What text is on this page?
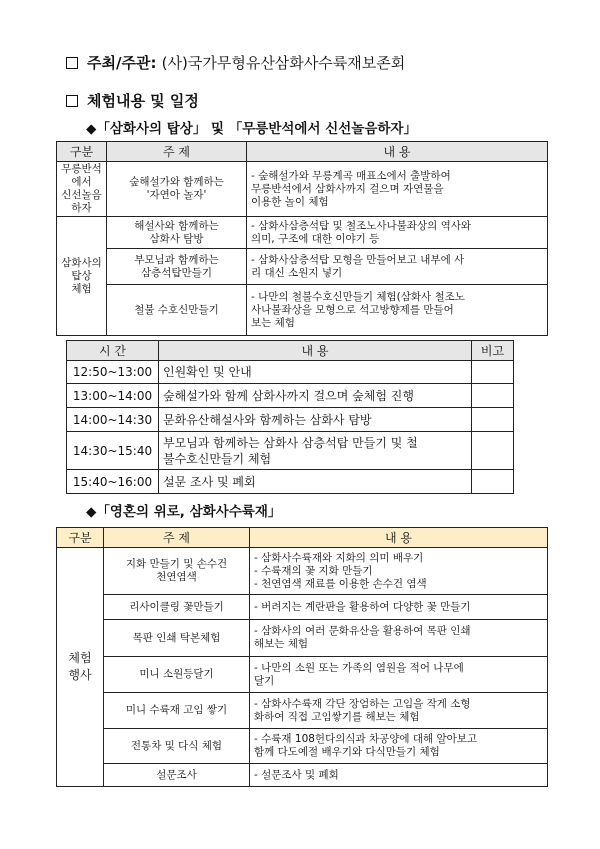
주최/주관: (사)국가무형유산삼화사수륙재보존회
체험내용 및 일정
◆「삼화사의 탑상」 및 「무릉반석에서 신선놀음하자」
구분	주 제	내 용
무릉반석
에서
신선놀음
하자	숲해설가와 함께하는
'자연아 놀자'	- 숲해설가와 무릉계곡 매표소에서 출발하여
무릉반석에서 삼화사까지 걸으며 자연물을
이용한 놀이 체험
삼화사의
탑상
체험	해설사와 함께하는
삼화사 탐방	- 삼화사삼층석탑 및 철조노사나불좌상의 역사와
의미, 구조에 대한 이야기 등
	부모님과 함께하는
삼층석탑만들기	- 삼화사삼층석탑 모형을 만들어보고 내부에 사
리 대신 소원지 넣기
	철불 수호신만들기	- 나만의 철불수호신만들기 체험(삼화사 철조노
사나불좌상을 모형으로 석고방향제를 만들어
보는 체험
시 간	내 용	비고
12:50~13:00	인원확인 및 안내	
13:00~14:00	숲해설가와 함께 삼화사까지 걸으며 숲체험 진행	
14:00~14:30	문화유산해설사와 함께하는 삼화사 탐방	
14:30~15:40	부모님과 함께하는 삼화사 삼층석탑 만들기 및 철
불수호신만들기 체험	
15:40~16:00	설문 조사 및 폐회	
◆「영혼의 위로, 삼화사수륙재」
구분	주 제	내 용
체험
행사	지화 만들기 및 손수건
천연염색	- 삼화사수륙재와 지화의 의미 배우기
- 수륙재의 꽃 지화 만들기
- 천연염색 재료를 이용한 손수건 염색
	리사이클링 꽃만들기	- 버려지는 계란판을 활용하여 다양한 꽃 만들기
	목판 인쇄 탁본체험	- 삼화사의 여러 문화유산을 활용하여 목판 인쇄
해보는 체험
	미니 소원등달기	- 나만의 소원 또는 가족의 염원을 적어 나무에
달기
	미니 수륙재 고임 쌓기	- 삼화사수륙재 각단 장엄하는 고임을 작게 소형
화하여 직접 고임쌓기를 해보는 체험
	전통차 및 다식 체험	- 수륙재 108헌다의식과 차공양에 대해 알아보고
함께 다도예절 배우기와 다식만들기 체험
	설문조사	- 설문조사 및 폐회
